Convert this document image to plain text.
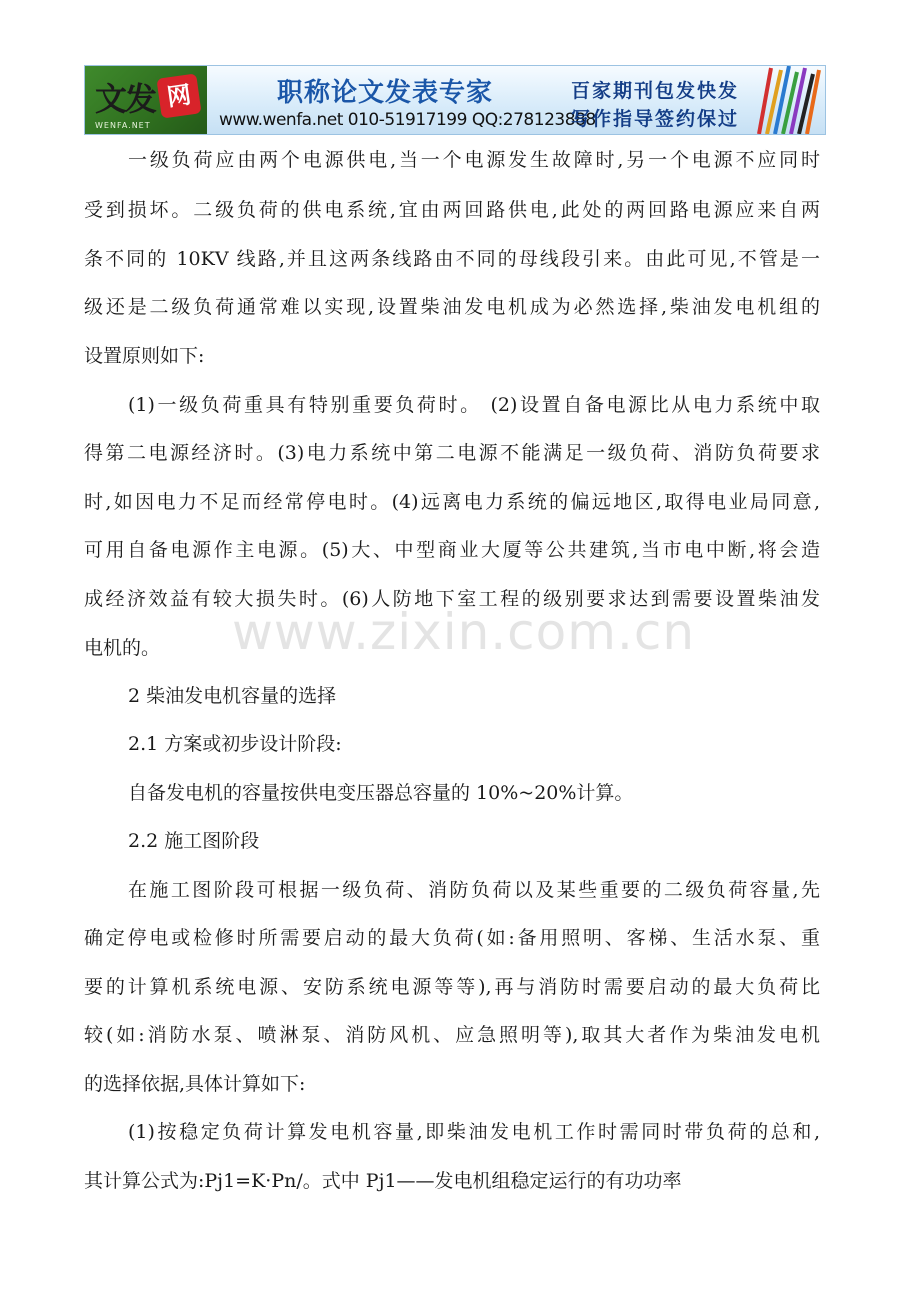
文发 网
WENFA.NET
职称论文发表专家
www.wenfa.net 010-51917199 QQ:278123888
百家期刊包发快发
写作指导签约保过
www.zixin.com.cn
一级负荷应由两个电源供电,当一个电源发生故障时,另一个电源不应同时
受到损坏。二级负荷的供电系统,宜由两回路供电,此处的两回路电源应来自两
条不同的 10KV 线路,并且这两条线路由不同的母线段引来。由此可见,不管是一
级还是二级负荷通常难以实现,设置柴油发电机成为必然选择,柴油发电机组的
设置原则如下:
(1)一级负荷重具有特别重要负荷时。 (2)设置自备电源比从电力系统中取
得第二电源经济时。(3)电力系统中第二电源不能满足一级负荷、消防负荷要求
时,如因电力不足而经常停电时。(4)远离电力系统的偏远地区,取得电业局同意,
可用自备电源作主电源。(5)大、中型商业大厦等公共建筑,当市电中断,将会造
成经济效益有较大损失时。(6)人防地下室工程的级别要求达到需要设置柴油发
电机的。
2 柴油发电机容量的选择
2.1 方案或初步设计阶段:
自备发电机的容量按供电变压器总容量的 10%~20%计算。
2.2 施工图阶段
在施工图阶段可根据一级负荷、消防负荷以及某些重要的二级负荷容量,先
确定停电或检修时所需要启动的最大负荷(如:备用照明、客梯、生活水泵、重
要的计算机系统电源、安防系统电源等等),再与消防时需要启动的最大负荷比
较(如:消防水泵、喷淋泵、消防风机、应急照明等),取其大者作为柴油发电机
的选择依据,具体计算如下:
(1)按稳定负荷计算发电机容量,即柴油发电机工作时需同时带负荷的总和,
其计算公式为:Pj1=K·Pn/。式中 Pj1——发电机组稳定运行的有功功率
